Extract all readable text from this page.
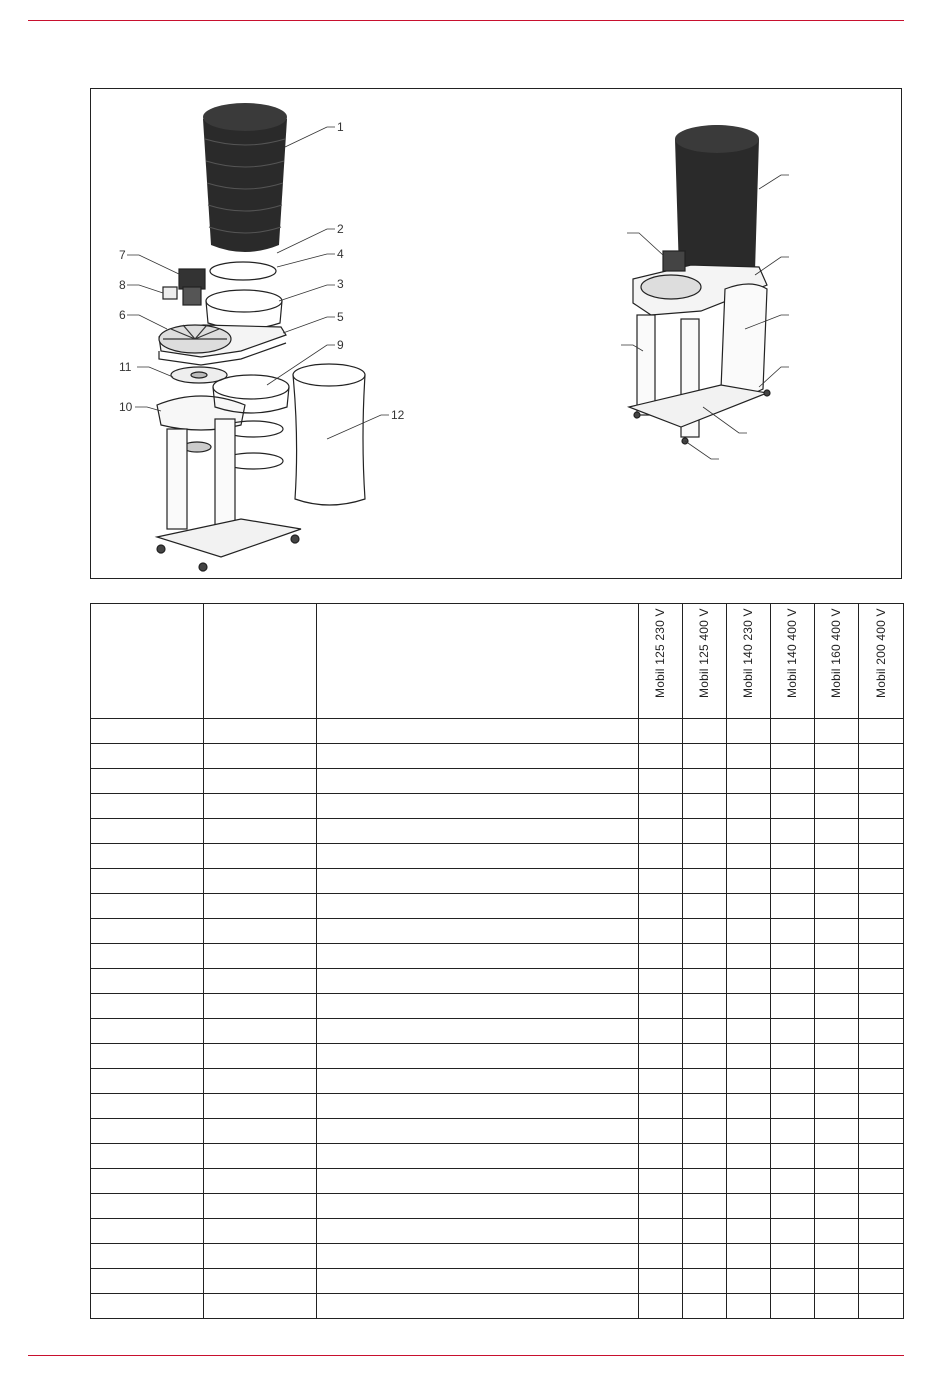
1
2
3
4
5
6
7
8
9
10
11
12

			Mobil 125 230 V	Mobil 125 400 V	Mobil 140 230 V	Mobil 140 400 V	Mobil 160 400 V	Mobil 200 400 V
